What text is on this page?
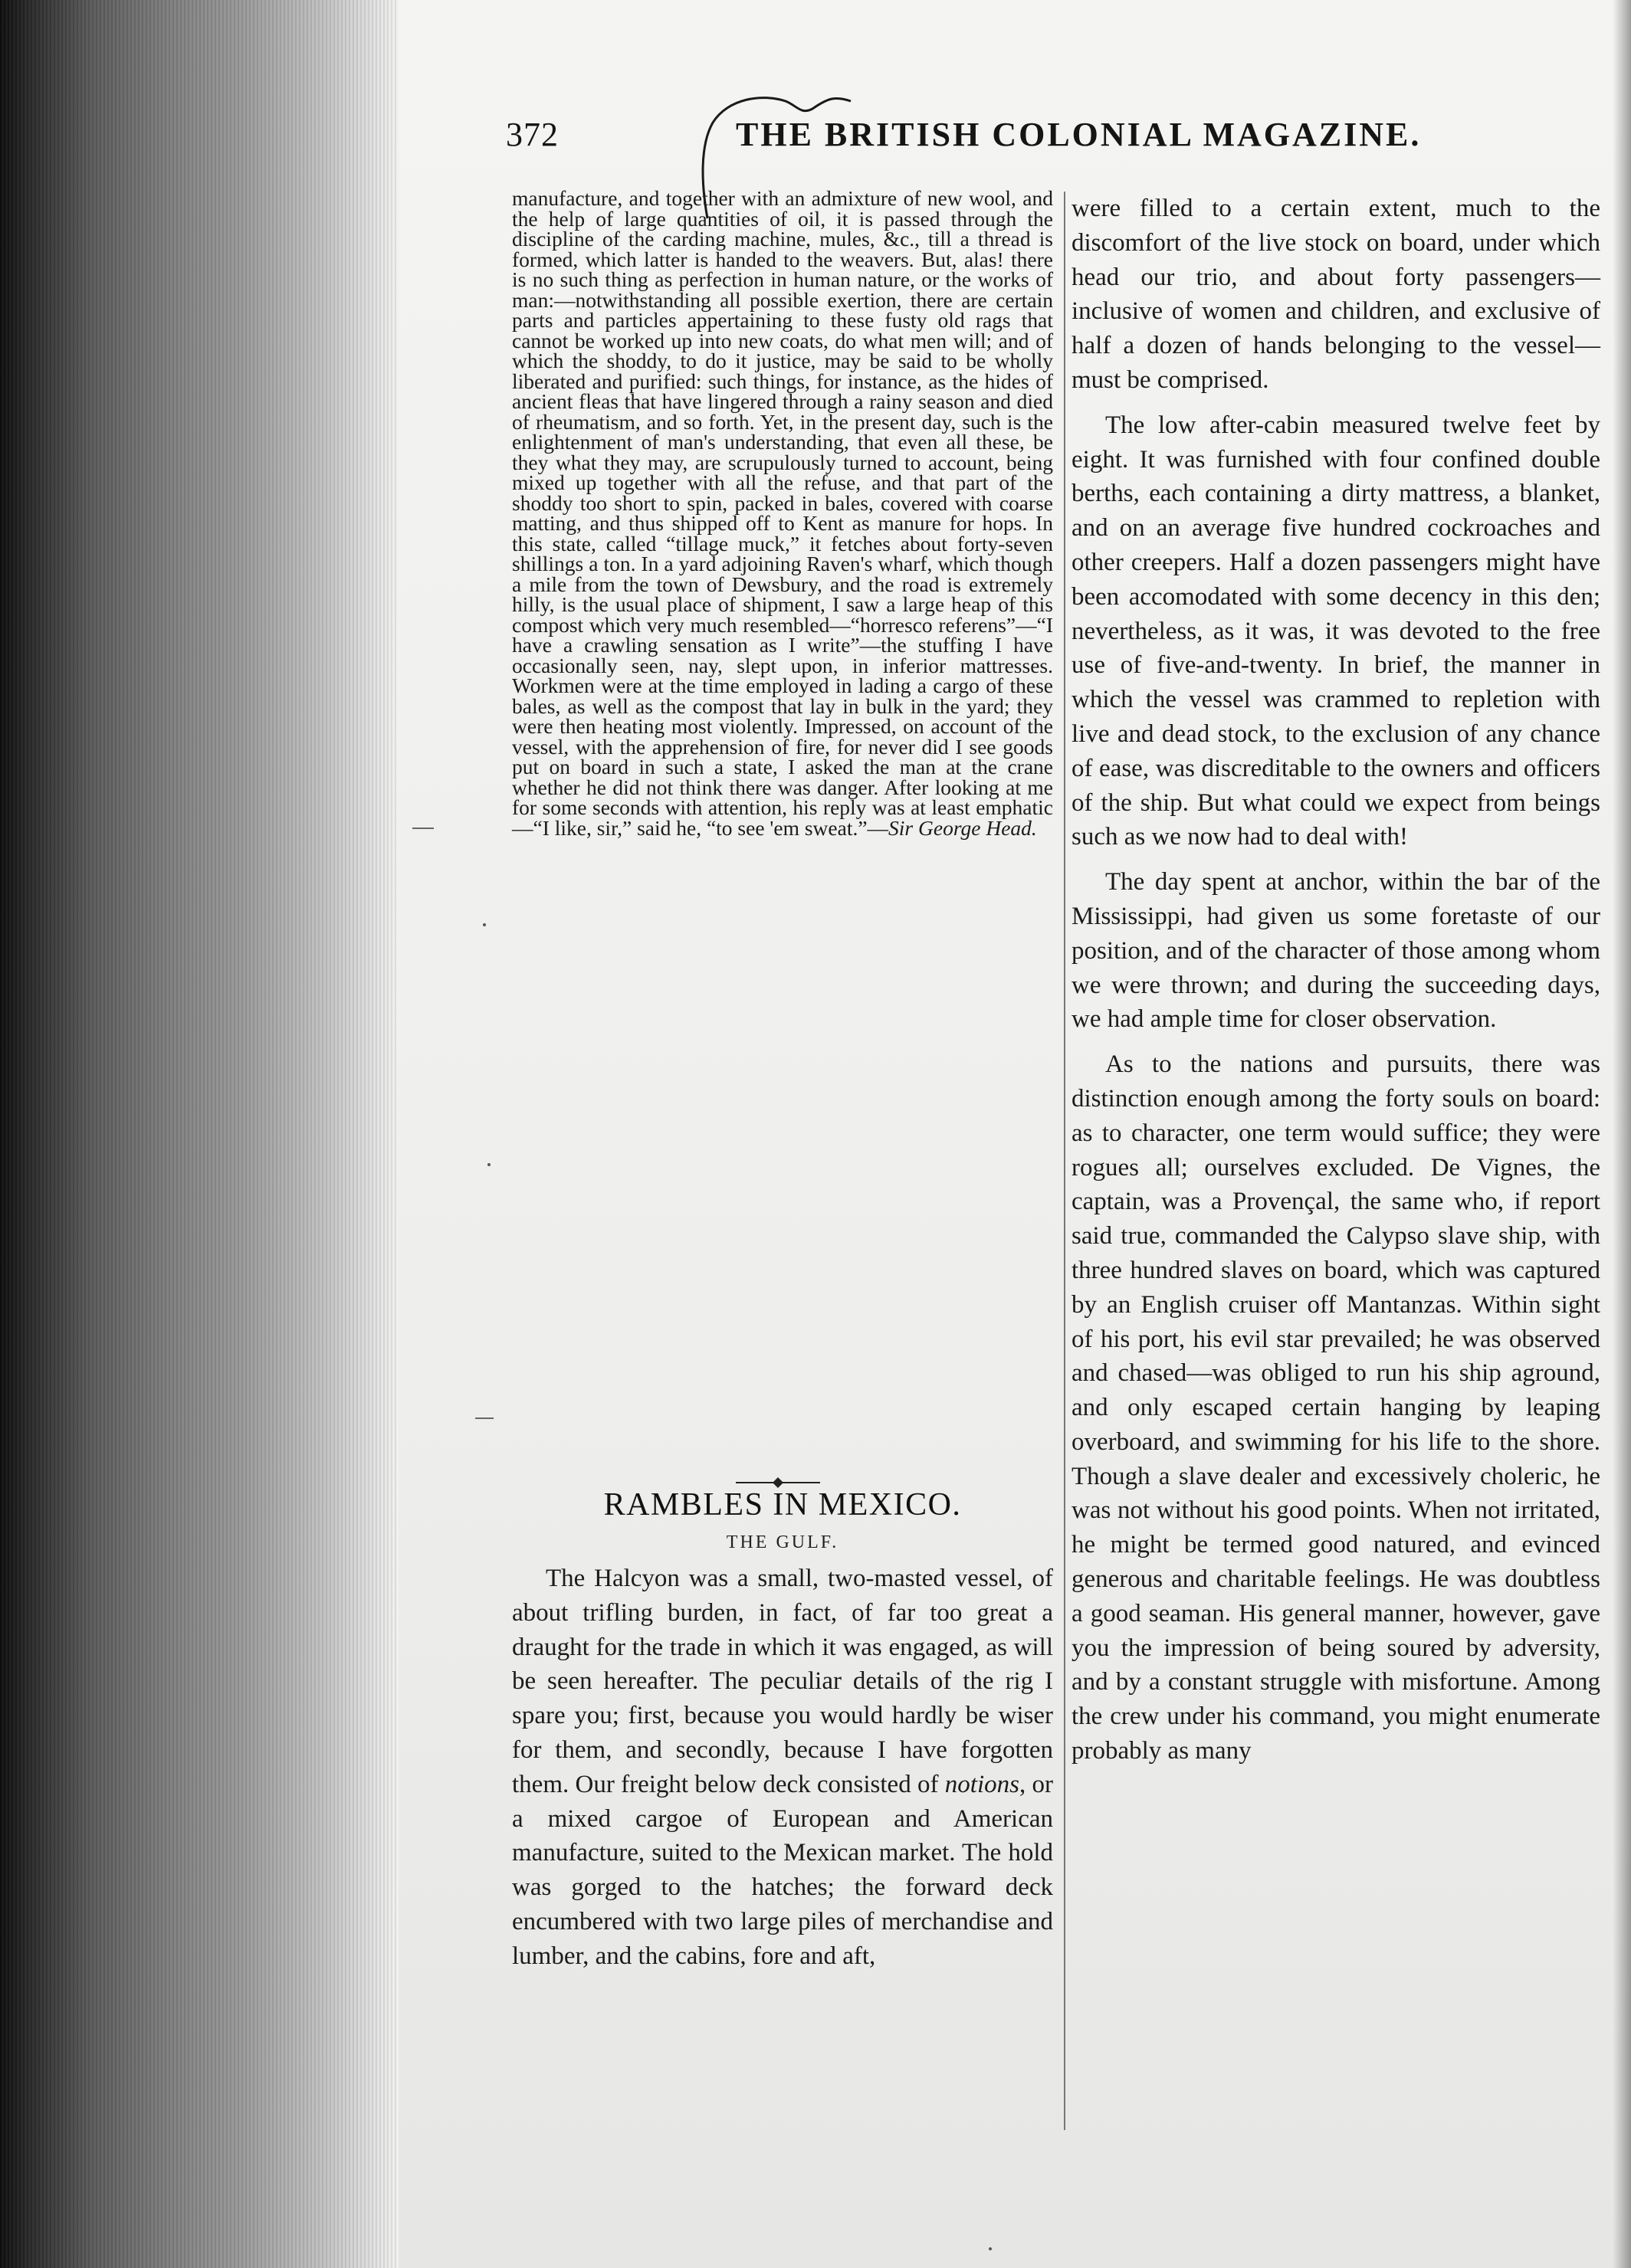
372	THE BRITISH COLONIAL MAGAZINE.

manufacture, and together with an admixture of new wool, and the help of large quantities of oil, it is passed through the discipline of the carding machine, mules, &c., till a thread is formed, which latter is handed to the weavers. But, alas! there is no such thing as perfection in human nature, or the works of man:—notwithstanding all possible exertion, there are certain parts and particles appertaining to these fusty old rags that cannot be worked up into new coats, do what men will; and of which the shoddy, to do it justice, may be said to be wholly liberated and purified: such things, for instance, as the hides of ancient fleas that have lingered through a rainy season and died of rheumatism, and so forth. Yet, in the present day, such is the enlightenment of man's understanding, that even all these, be they what they may, are scrupulously turned to account, being mixed up together with all the refuse, and that part of the shoddy too short to spin, packed in bales, covered with coarse matting, and thus shipped off to Kent as manure for hops. In this state, called “tillage muck,” it fetches about forty-seven shillings a ton. In a yard adjoining Raven's wharf, which though a mile from the town of Dewsbury, and the road is extremely hilly, is the usual place of shipment, I saw a large heap of this compost which very much resembled—“horresco referens”—“I have a crawling sensation as I write”—the stuffing I have occasionally seen, nay, slept upon, in inferior mattresses. Workmen were at the time employed in lading a cargo of these bales, as well as the compost that lay in bulk in the yard; they were then heating most violently. Impressed, on account of the vessel, with the apprehension of fire, for never did I see goods put on board in such a state, I asked the man at the crane whether he did not think there was danger. After looking at me for some seconds with attention, his reply was at least emphatic—“I like, sir,” said he, “to see 'em sweat.”—Sir George Head.

RAMBLES IN MEXICO.
THE GULF.

The Halcyon was a small, two-masted vessel, of about trifling burden, in fact, of far too great a draught for the trade in which it was engaged, as will be seen hereafter. The peculiar details of the rig I spare you; first, because you would hardly be wiser for them, and secondly, because I have forgotten them. Our freight below deck consisted of notions, or a mixed cargoe of European and American manufacture, suited to the Mexican market. The hold was gorged to the hatches; the forward deck encumbered with two large piles of merchandise and lumber, and the cabins, fore and aft,

were filled to a certain extent, much to the discomfort of the live stock on board, under which head our trio, and about forty passengers—inclusive of women and children, and exclusive of half a dozen of hands belonging to the vessel—must be comprised.

The low after-cabin measured twelve feet by eight. It was furnished with four confined double berths, each containing a dirty mattress, a blanket, and on an average five hundred cockroaches and other creepers. Half a dozen passengers might have been accomodated with some decency in this den; nevertheless, as it was, it was devoted to the free use of five-and-twenty. In brief, the manner in which the vessel was crammed to repletion with live and dead stock, to the exclusion of any chance of ease, was discreditable to the owners and officers of the ship. But what could we expect from beings such as we now had to deal with!

The day spent at anchor, within the bar of the Mississippi, had given us some foretaste of our position, and of the character of those among whom we were thrown; and during the succeeding days, we had ample time for closer observation.

As to the nations and pursuits, there was distinction enough among the forty souls on board: as to character, one term would suffice; they were rogues all; ourselves excluded. De Vignes, the captain, was a Provençal, the same who, if report said true, commanded the Calypso slave ship, with three hundred slaves on board, which was captured by an English cruiser off Mantanzas. Within sight of his port, his evil star prevailed; he was observed and chased—was obliged to run his ship aground, and only escaped certain hanging by leaping overboard, and swimming for his life to the shore. Though a slave dealer and excessively choleric, he was not without his good points. When not irritated, he might be termed good natured, and evinced generous and charitable feelings. He was doubtless a good seaman. His general manner, however, gave you the impression of being soured by adversity, and by a constant struggle with misfortune. Among the crew under his command, you might enumerate probably as many
